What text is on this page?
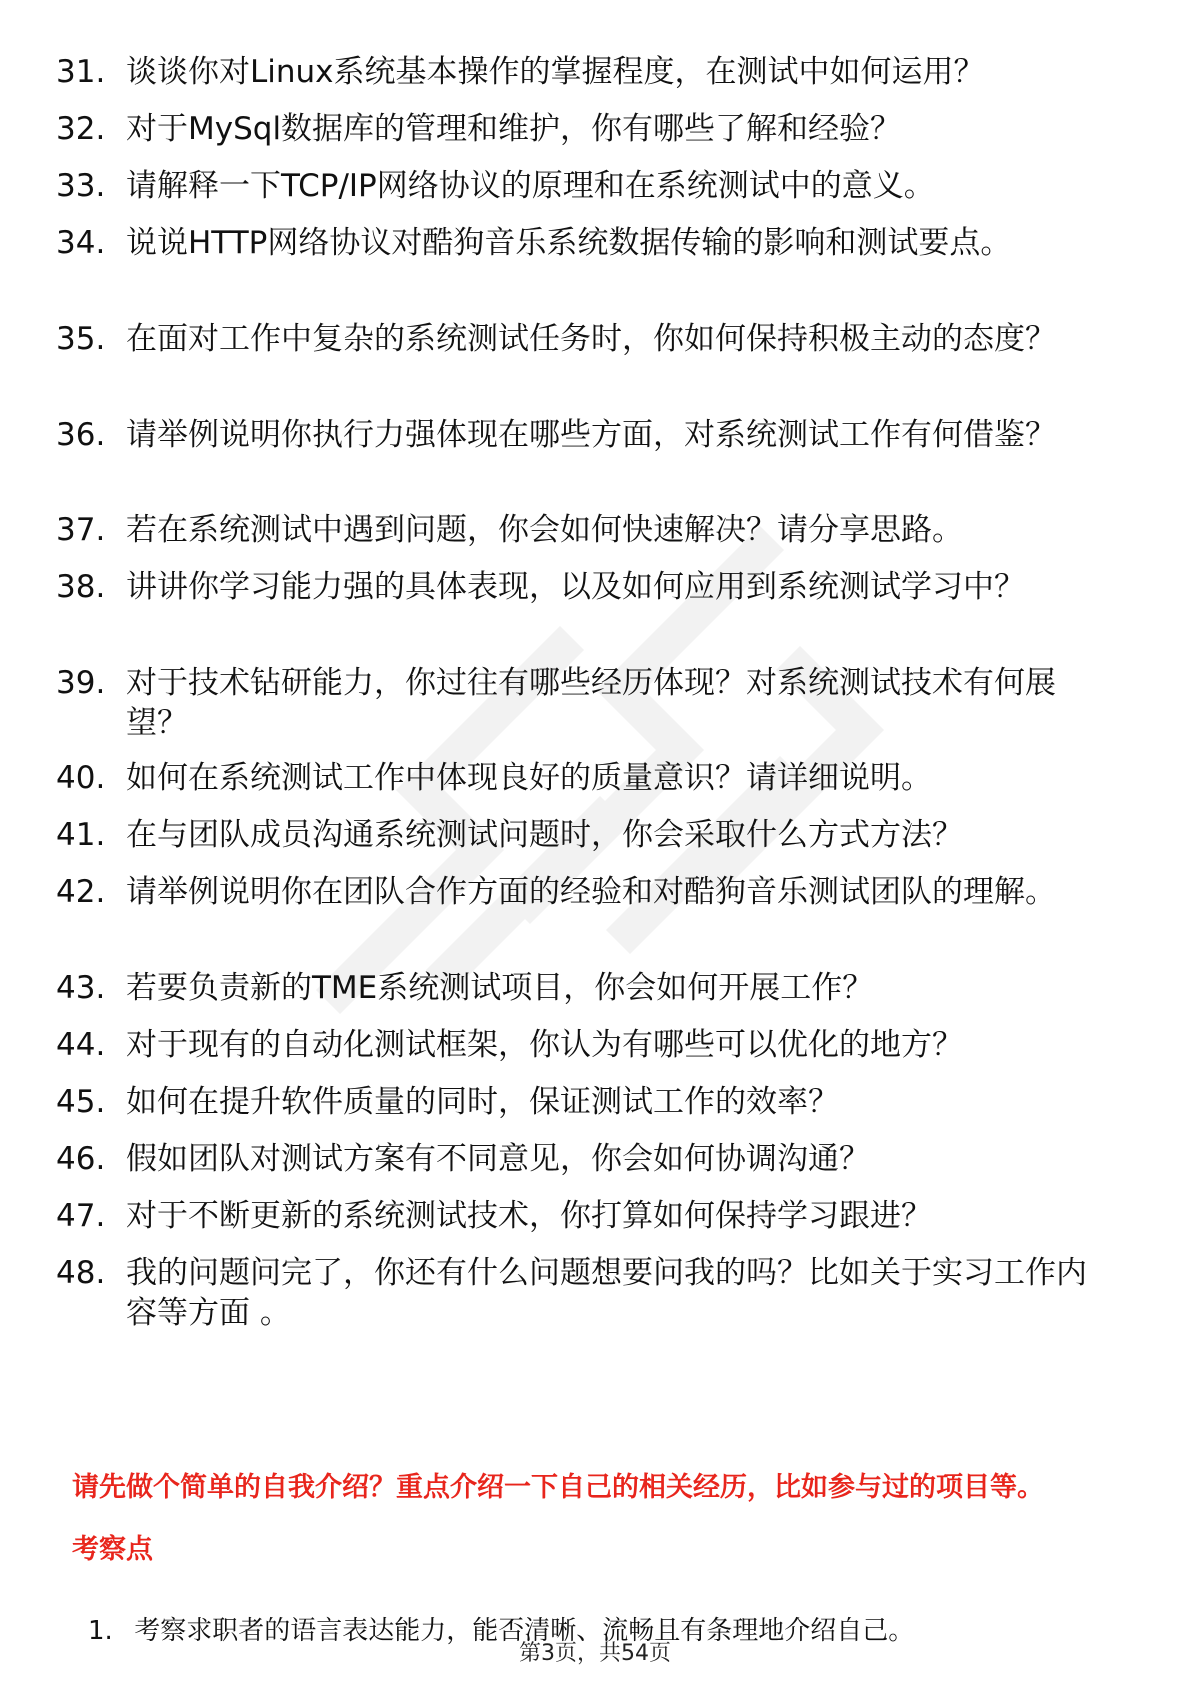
31. 谈谈你对Linux系统基本操作的掌握程度，在测试中如何运用？
32. 对于MySql数据库的管理和维护，你有哪些了解和经验？
33. 请解释一下TCP/IP网络协议的原理和在系统测试中的意义。
34. 说说HTTP网络协议对酷狗音乐系统数据传输的影响和测试要点。
35. 在面对工作中复杂的系统测试任务时，你如何保持积极主动的态度？
36. 请举例说明你执行力强体现在哪些方面，对系统测试工作有何借鉴？
37. 若在系统测试中遇到问题，你会如何快速解决？请分享思路。
38. 讲讲你学习能力强的具体表现，以及如何应用到系统测试学习中？
39. 对于技术钻研能力，你过往有哪些经历体现？对系统测试技术有何展望？
40. 如何在系统测试工作中体现良好的质量意识？请详细说明。
41. 在与团队成员沟通系统测试问题时，你会采取什么方式方法？
42. 请举例说明你在团队合作方面的经验和对酷狗音乐测试团队的理解。
43. 若要负责新的TME系统测试项目，你会如何开展工作？
44. 对于现有的自动化测试框架，你认为有哪些可以优化的地方？
45. 如何在提升软件质量的同时，保证测试工作的效率？
46. 假如团队对测试方案有不同意见，你会如何协调沟通？
47. 对于不断更新的系统测试技术，你打算如何保持学习跟进？
48. 我的问题问完了，你还有什么问题想要问我的吗？比如关于实习工作内容等方面 。
请先做个简单的自我介绍？重点介绍一下自己的相关经历，比如参与过的项目等。
考察点
1. 考察求职者的语言表达能力，能否清晰、流畅且有条理地介绍自己。
第3页，共54页
